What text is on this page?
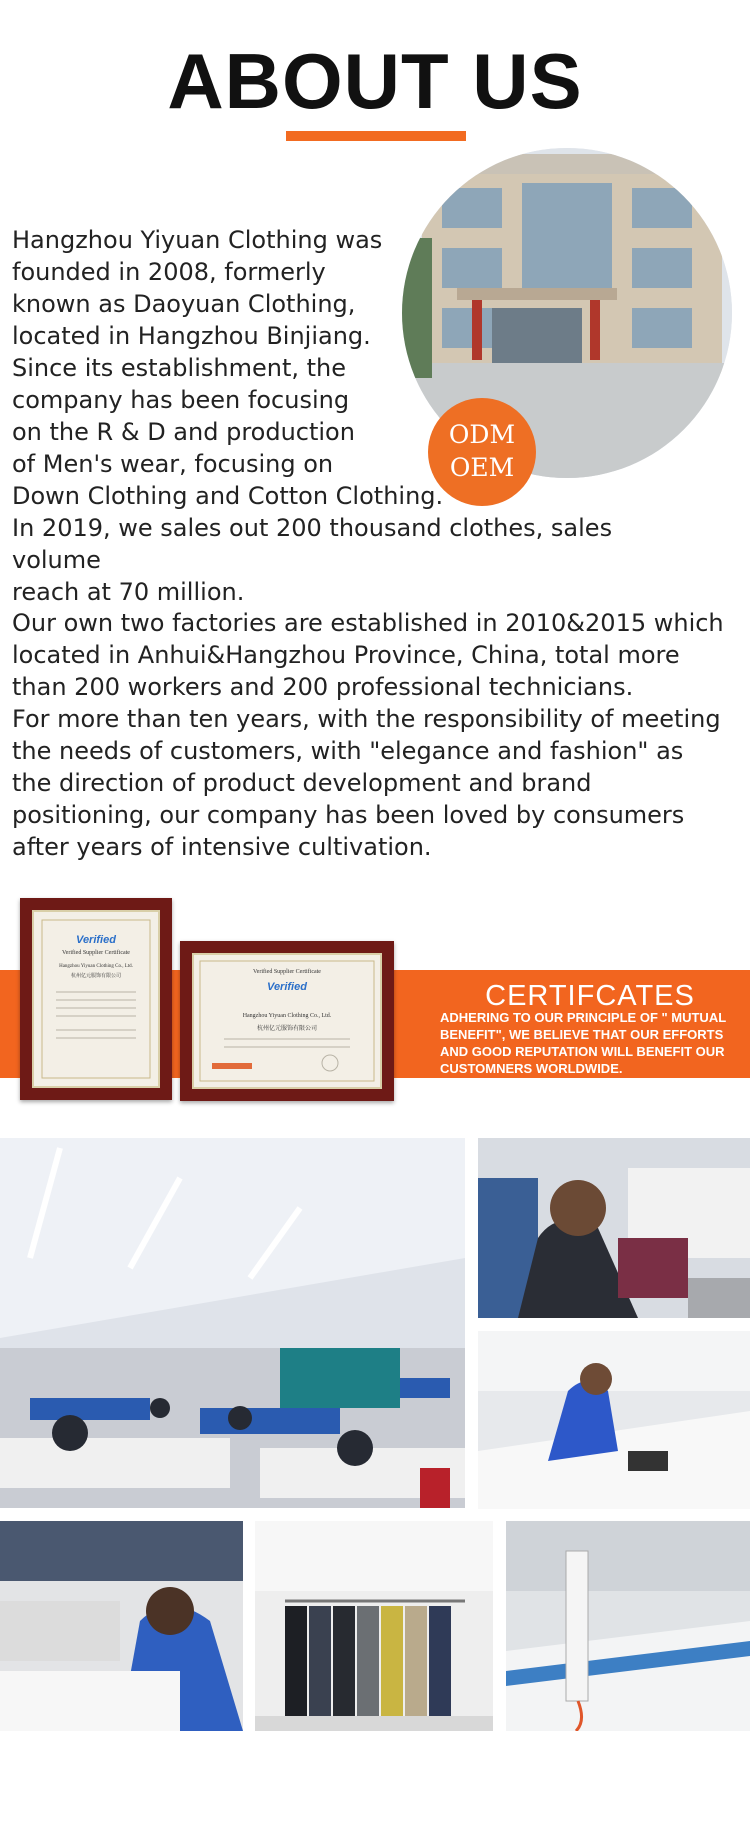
ABOUT US
ODM
OEM

Hangzhou Yiyuan Clothing was

founded in 2008, formerly

known as Daoyuan Clothing,

located in Hangzhou Binjiang.

Since its establishment, the

company has been focusing

on the R & D and production

of Men's wear, focusing on

Down Clothing and Cotton Clothing.

In 2019, we sales out 200 thousand clothes, sales volume

reach at 70 million.

Our own two factories are established in 2010&2015 which

located in Anhui&Hangzhou Province, China, total more

than 200 workers and 200 professional technicians.

For more than ten years, with the responsibility of meeting

the needs of customers, with "elegance and fashion" as

the direction of product development and brand

positioning, our company has been loved by consumers

after years of intensive cultivation.

Verified
Verified Supplier Certificate
Hangzhou Yiyuan Clothing Co., Ltd.
杭州亿元服饰有限公司
Verified Supplier Certificate
Verified
Hangzhou Yiyuan Clothing Co., Ltd.
杭州亿元服饰有限公司
CERTIFCATES
ADHERING TO OUR PRINCIPLE OF " MUTUAL BENEFIT", WE BELIEVE THAT OUR EFFORTS AND GOOD REPUTATION WILL BENEFIT OUR CUSTOMNERS WORLDWIDE.
